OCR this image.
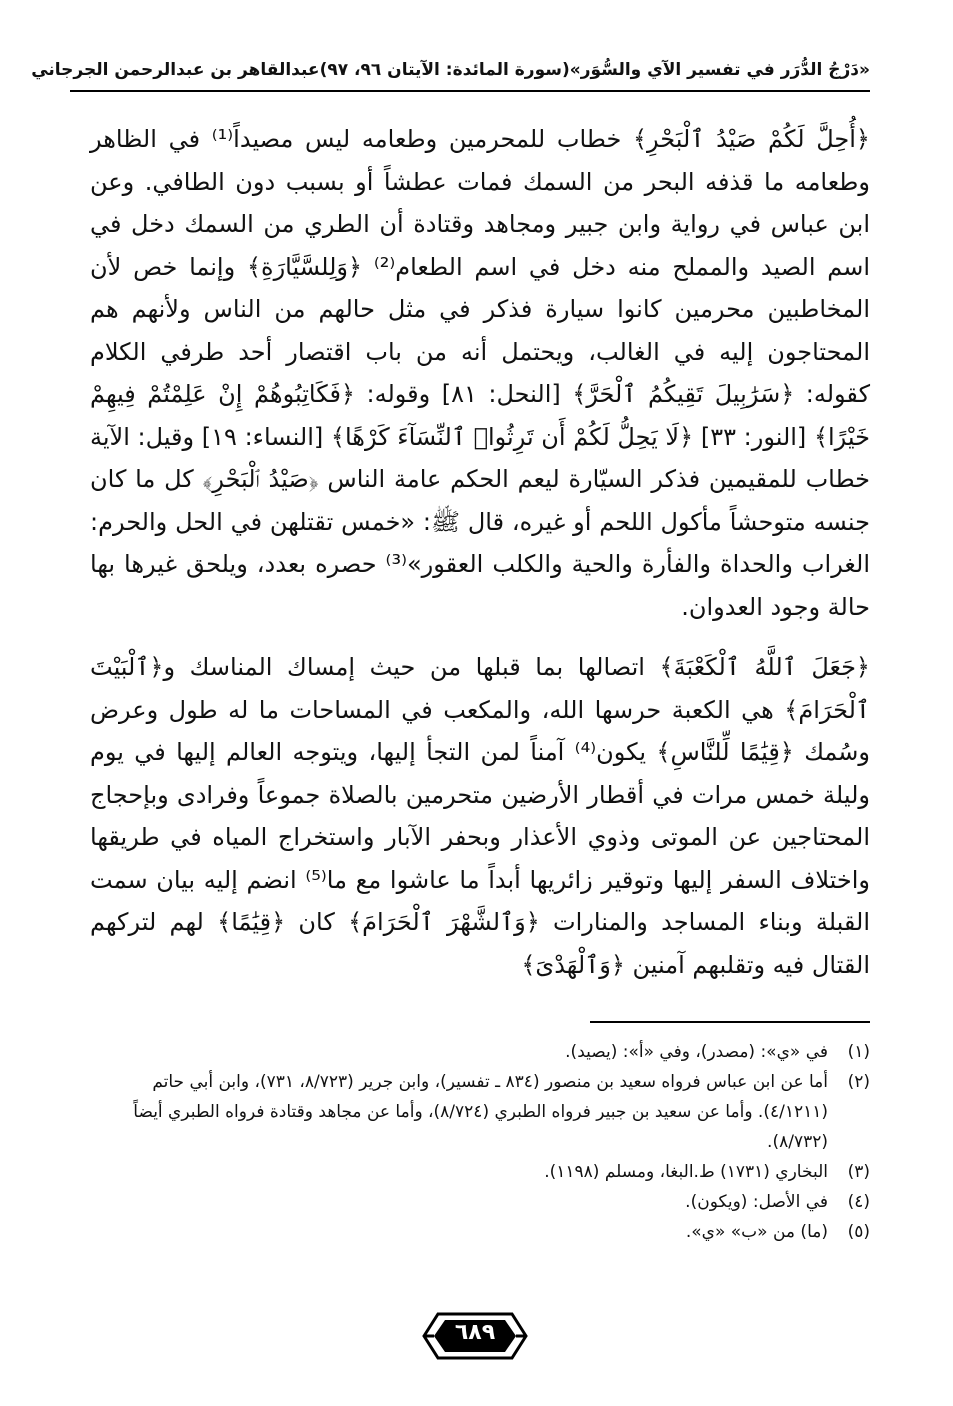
«دَرْجُ الدُّرَر في تفسير الآي والسُّوَر»
(سورة المائدة: الآيتان ٩٦، ٩٧)
عبدالقاهر بن عبدالرحمن الجرجاني

﴿أُحِلَّ لَكُمْ صَيْدُ ٱلْبَحْرِ﴾ خطاب للمحرمين وطعامه ليس مصيداً⁽¹⁾ في الظاهر وطعامه ما قذفه البحر من السمك فمات عطشاً أو بسبب دون الطافي. وعن ابن عباس في رواية وابن جبير ومجاهد وقتادة أن الطري من السمك دخل في اسم الصيد والمملح منه دخل في اسم الطعام⁽²⁾ ﴿وَلِلسَّيَّارَةِ﴾ وإنما خص لأن المخاطبين محرمين كانوا سيارة فذكر في مثل حالهم من الناس ولأنهم هم المحتاجون إليه في الغالب، ويحتمل أنه من باب اقتصار أحد طرفي الكلام كقوله: ﴿سَرَٰبِيلَ تَقِيكُمُ ٱلْحَرَّ﴾ [النحل: ٨١] وقوله: ﴿فَكَاتِبُوهُمْ إِنْ عَلِمْتُمْ فِيهِمْ خَيْرًا﴾ [النور: ٣٣] ﴿لَا يَحِلُّ لَكُمْ أَن تَرِثُوا۟ ٱلنِّسَآءَ كَرْهًا﴾ [النساء: ١٩] وقيل: الآية خطاب للمقيمين فذكر السيّارة ليعم الحكم عامة الناس ﴿صَيْدُ ٱلْبَحْرِ﴾ كل ما كان جنسه متوحشاً مأكول اللحم أو غيره، قال ﷺ: «خمس تقتلهن في الحل والحرم: الغراب والحداة والفأرة والحية والكلب العقور»⁽³⁾ حصره بعدد، ويلحق غيرها بها حالة وجود العدوان.

﴿جَعَلَ ٱللَّهُ ٱلْكَعْبَةَ﴾ اتصالها بما قبلها من حيث إمساك المناسك و﴿ٱلْبَيْتَ ٱلْحَرَامَ﴾ هي الكعبة حرسها الله، والمكعب في المساحات ما له طول وعرض وسُمك ﴿قِيَٰمًا لِّلنَّاسِ﴾ يكون⁽⁴⁾ آمناً لمن التجأ إليها، ويتوجه العالم إليها في يوم وليلة خمس مرات في أقطار الأرضين متحرمين بالصلاة جموعاً وفرادى وبإحجاج المحتاجين عن الموتى وذوي الأعذار وبحفر الآبار واستخراج المياه في طريقها واختلاف السفر إليها وتوقير زائريها أبداً ما عاشوا مع ما⁽⁵⁾ انضم إليه بيان سمت القبلة وبناء المساجد والمنارات ﴿وَٱلشَّهْرَ ٱلْحَرَامَ﴾ كان ﴿قِيَٰمًا﴾ لهم لتركهم القتال فيه وتقلبهم آمنين ﴿وَٱلْهَدْىَ﴾

(١)
في «ي»: (مصدر)، وفي «أ»: (يصيد).
(٢)
أما عن ابن عباس فرواه سعيد بن منصور (٨٣٤ ـ تفسير)، وابن جرير (٨/٧٢٣، ٧٣١)، وابن أبي حاتم (٤/١٢١١). وأما عن سعيد بن جبير فرواه الطبري (٨/٧٢٤)، وأما عن مجاهد وقتادة فرواه الطبري أيضاً (٨/٧٣٢).
(٣)
البخاري (١٧٣١) ط.البغا، ومسلم (١١٩٨).
(٤)
في الأصل: (ويكون).
(٥)
(ما) من «ب» «ي».
٦٨٩
